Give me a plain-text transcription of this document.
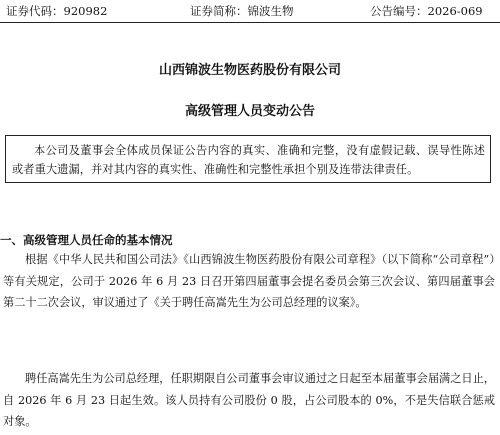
证券代码：920982	证券简称：锦波生物	公告编号：2026-069
山西锦波生物医药股份有限公司
高级管理人员变动公告
本公司及董事会全体成员保证公告内容的真实、准确和完整，没有虚假记载、误导性陈述或者重大遗漏，并对其内容的真实性、准确性和完整性承担个别及连带法律责任。
一、高级管理人员任命的基本情况
根据《中华人民共和国公司法》《山西锦波生物医药股份有限公司章程》（以下简称“公司章程”）等有关规定，公司于 2026 年 6 月 23 日召开第四届董事会提名委员会第三次会议、第四届董事会第二十二次会议，审议通过了《关于聘任高嵩先生为公司总经理的议案》。
聘任高嵩先生为公司总经理，任职期限自公司董事会审议通过之日起至本届董事会届满之日止，自 2026 年 6 月 23 日起生效。该人员持有公司股份 0 股，占公司股本的 0%，不是失信联合惩戒对象。
